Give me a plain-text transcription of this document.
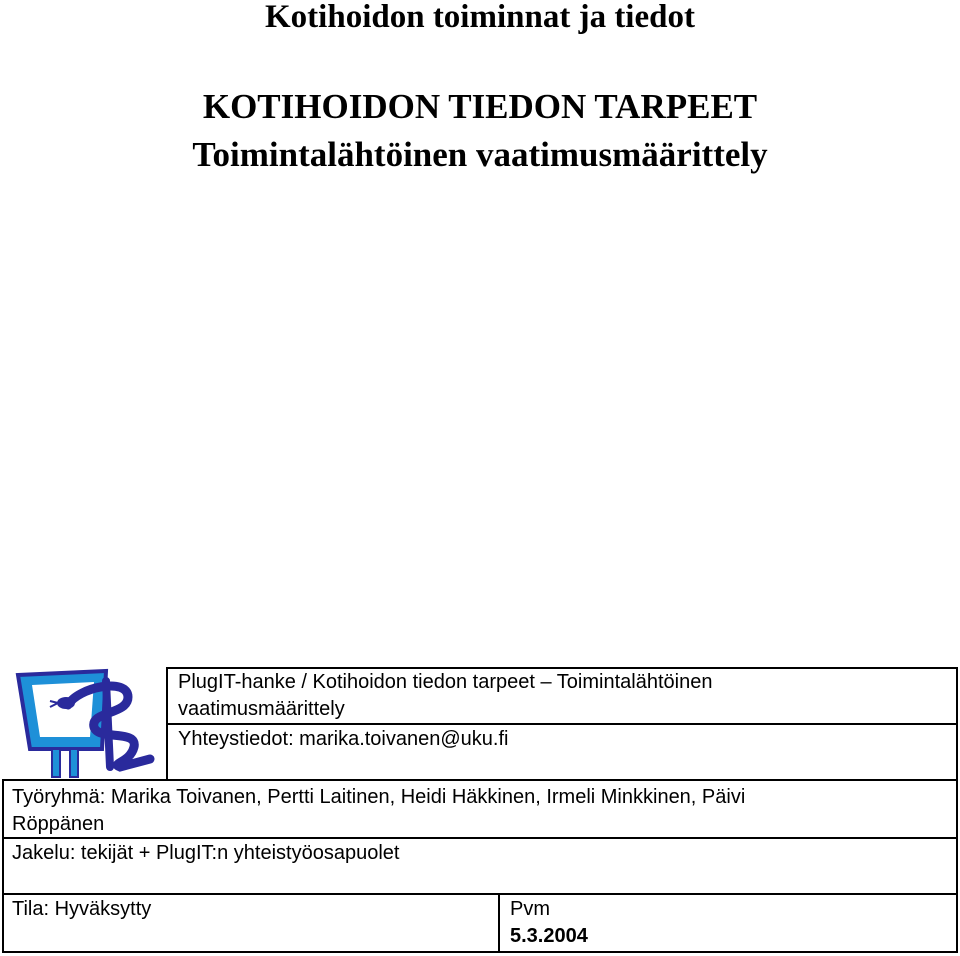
Kotihoidon toiminnat ja tiedot
KOTIHOIDON TIEDON TARPEET
Toimintalähtöinen vaatimusmäärittely
PlugIT-hanke / Kotihoidon tiedon tarpeet – Toimintalähtöinen
vaatimusmäärittely
Yhteystiedot: marika.toivanen@uku.fi
Työryhmä: Marika Toivanen, Pertti Laitinen, Heidi Häkkinen, Irmeli Minkkinen, Päivi
Röppänen
Jakelu: tekijät + PlugIT:n yhteistyöosapuolet
Tila: Hyväksytty	Pvm
5.3.2004
